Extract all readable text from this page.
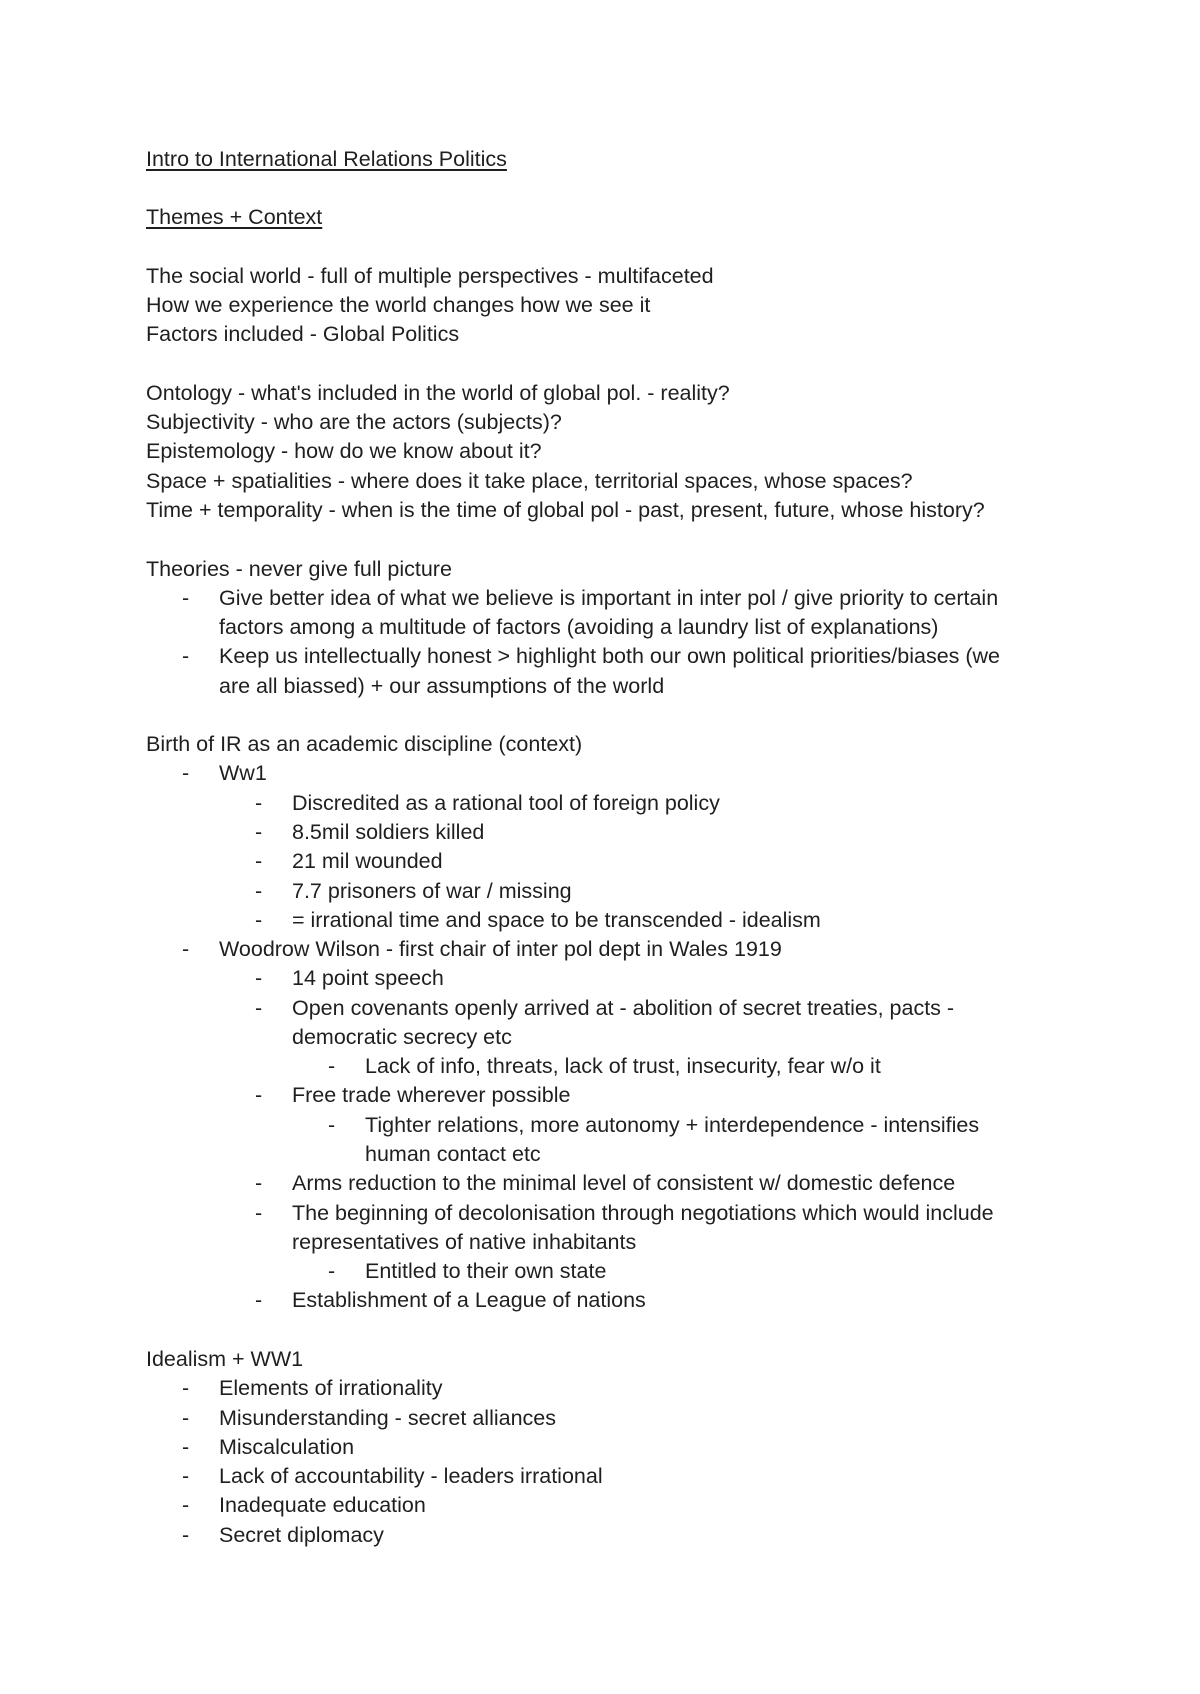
Intro to International Relations Politics
Themes + Context
The social world - full of multiple perspectives - multifaceted
How we experience the world changes how we see it
Factors included - Global Politics
Ontology - what's included in the world of global pol. - reality?
Subjectivity - who are the actors (subjects)?
Epistemology - how do we know about it?
Space + spatialities - where does it take place, territorial spaces, whose spaces?
Time + temporality - when is the time of global pol - past, present, future, whose history?
Theories - never give full picture
- Give better idea of what we believe is important in inter pol / give priority to certain
factors among a multitude of factors (avoiding a laundry list of explanations)
- Keep us intellectually honest > highlight both our own political priorities/biases (we
are all biassed) + our assumptions of the world
Birth of IR as an academic discipline (context)
- Ww1
- Discredited as a rational tool of foreign policy
- 8.5mil soldiers killed
- 21 mil wounded
- 7.7 prisoners of war / missing
- = irrational time and space to be transcended - idealism
- Woodrow Wilson - first chair of inter pol dept in Wales 1919
- 14 point speech
- Open covenants openly arrived at - abolition of secret treaties, pacts -
democratic secrecy etc
- Lack of info, threats, lack of trust, insecurity, fear w/o it
- Free trade wherever possible
- Tighter relations, more autonomy + interdependence - intensifies
human contact etc
- Arms reduction to the minimal level of consistent w/ domestic defence
- The beginning of decolonisation through negotiations which would include
representatives of native inhabitants
- Entitled to their own state
- Establishment of a League of nations
Idealism + WW1
- Elements of irrationality
- Misunderstanding - secret alliances
- Miscalculation
- Lack of accountability - leaders irrational
- Inadequate education
- Secret diplomacy
